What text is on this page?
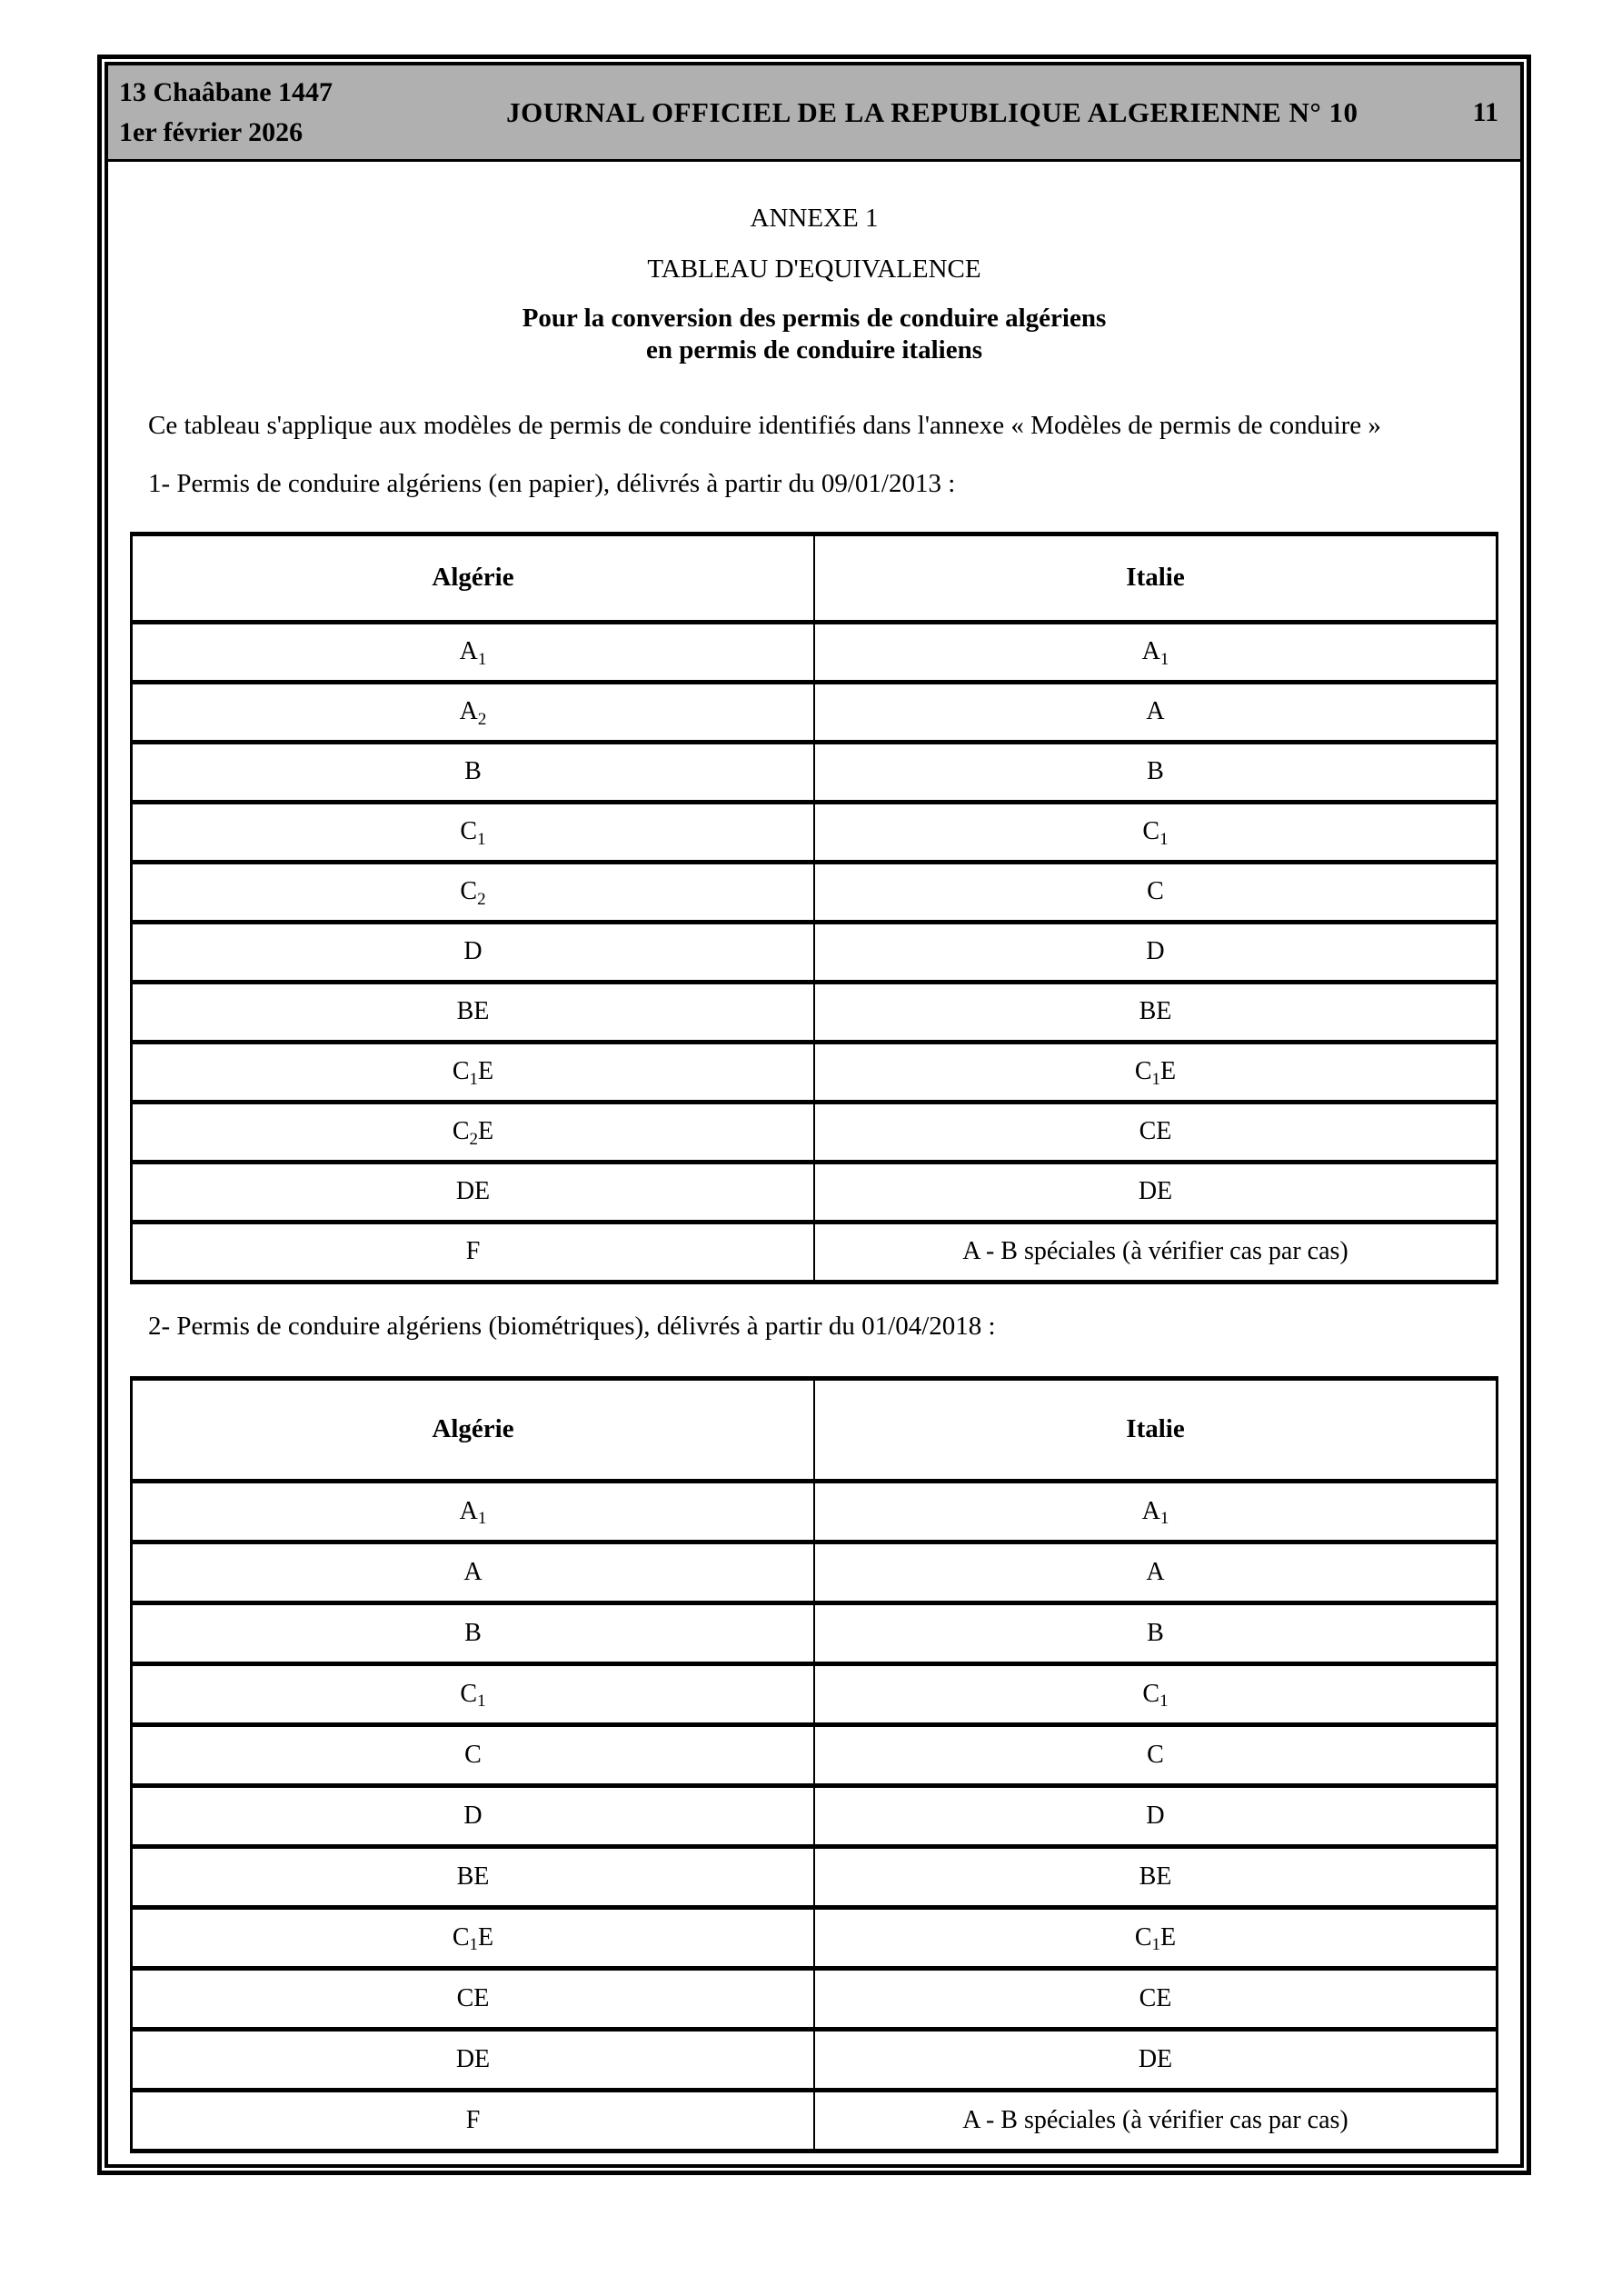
13 Chaâbane 1447
1er février 2026
JOURNAL OFFICIEL DE LA REPUBLIQUE ALGERIENNE N° 10	11
ANNEXE 1
TABLEAU D'EQUIVALENCE
Pour la conversion des permis de conduire algériens
en permis de conduire italiens
Ce tableau s'applique aux modèles de permis de conduire identifiés dans l'annexe « Modèles de permis de conduire »
1- Permis de conduire algériens (en papier), délivrés à partir du 09/01/2013 :
Algérie	Italie
$A_1$	$A_1$
$A_2$	A
B	B
$C_1$	$C_1$
$C_2$	C
D	D
BE	BE
$C_1E$	$C_1E$
$C_2E$	CE
DE	DE
F	A - B spéciales (à vérifier cas par cas)
2- Permis de conduire algériens (biométriques), délivrés à partir du 01/04/2018 :
Algérie	Italie
$A_1$	$A_1$
A	A
B	B
$C_1$	$C_1$
C	C
D	D
BE	BE
$C_1E$	$C_1E$
CE	CE
DE	DE
F	A - B spéciales (à vérifier cas par cas)
